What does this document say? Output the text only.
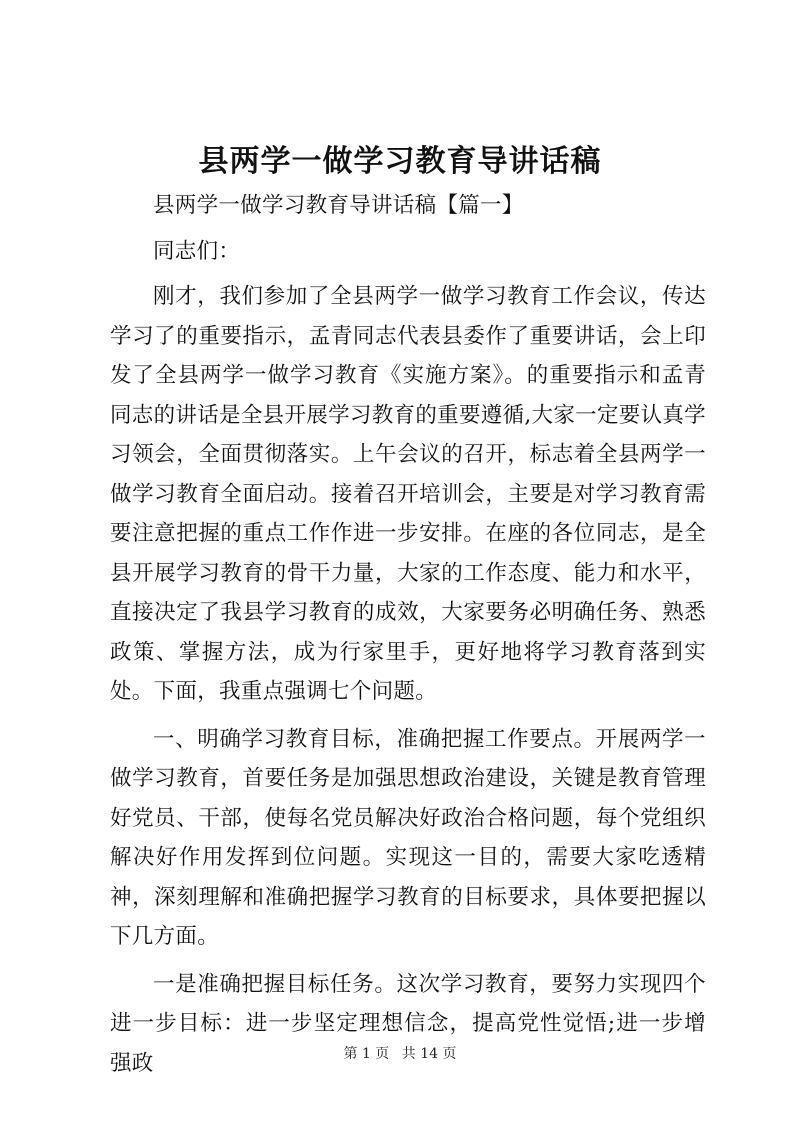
县两学一做学习教育导讲话稿

县两学一做学习教育导讲话稿【篇一】

同志们：

刚才，我们参加了全县两学一做学习教育工作会议，传达学习了的重要指示，孟青同志代表县委作了重要讲话，会上印发了全县两学一做学习教育《实施方案》。的重要指示和孟青同志的讲话是全县开展学习教育的重要遵循,大家一定要认真学习领会，全面贯彻落实。上午会议的召开，标志着全县两学一做学习教育全面启动。接着召开培训会，主要是对学习教育需要注意把握的重点工作作进一步安排。在座的各位同志，是全县开展学习教育的骨干力量，大家的工作态度、能力和水平，直接决定了我县学习教育的成效，大家要务必明确任务、熟悉政策、掌握方法，成为行家里手，更好地将学习教育落到实处。下面，我重点强调七个问题。

一、明确学习教育目标，准确把握工作要点。开展两学一做学习教育，首要任务是加强思想政治建设，关键是教育管理好党员、干部，使每名党员解决好政治合格问题，每个党组织解决好作用发挥到位问题。实现这一目的，需要大家吃透精神，深刻理解和准确把握学习教育的目标要求，具体要把握以下几方面。

一是准确把握目标任务。这次学习教育，要努力实现四个进一步目标：进一步坚定理想信念，提高党性觉悟;进一步增强政	第 1 页 共 14 页
